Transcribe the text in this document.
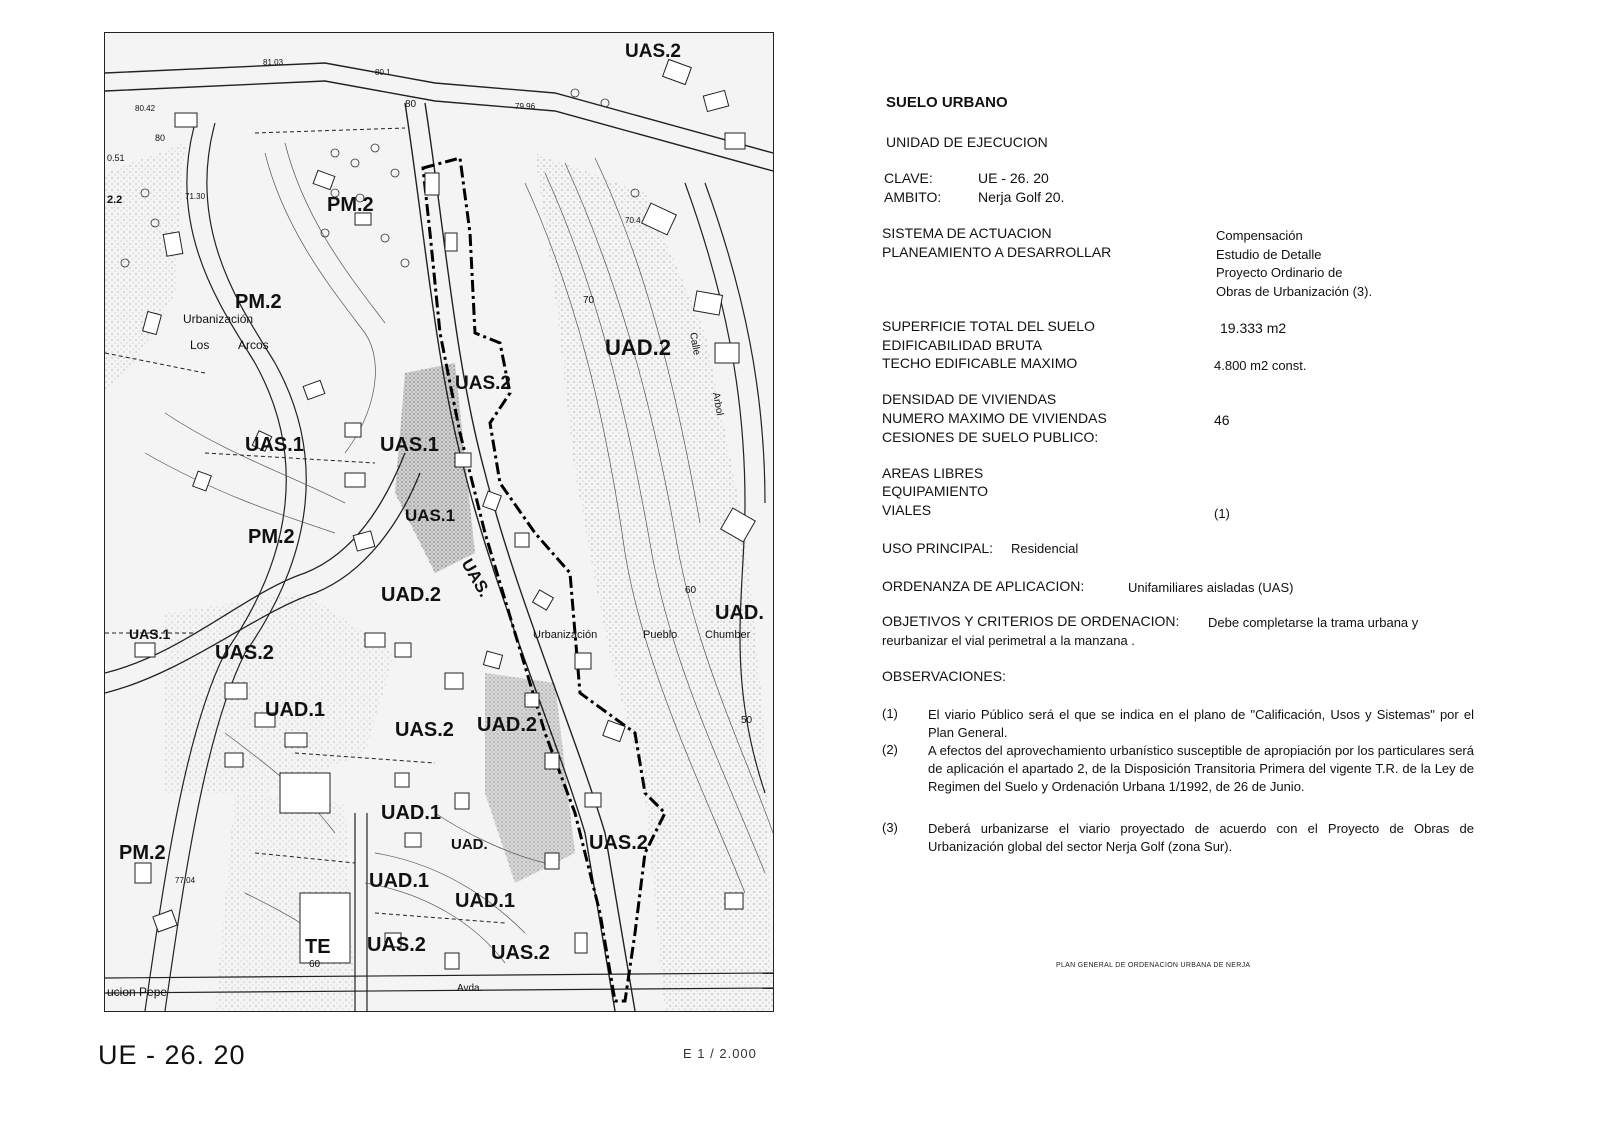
UAS.2
PM.2
PM.2
Urbanización
Los Arcos	UAD.2
UAS.2
UAS.1	UAS.1
UAS.1
UAS.
PM.2
UAD.2
UAD.
UAS.1
UAS.2
Urbanización	Pueblo	Chumber
UAD.1
UAS.2 UAD.2
UAD.1
UAD.	UAS.2
PM.2
UAD.1
UAD.1
TE UAS.2	UAS.2
ucion Pepe	Avda.
Calle
Arbol
81.03
80.1
80.42	79.96
0.51
2.2	71.30
80
70
70.4
60
50
80
60
77.04
UE - 26. 20	E 1 / 2.000
SUELO URBANO
UNIDAD DE EJECUCION
CLAVE:	UE - 26. 20
AMBITO:	Nerja Golf 20.
SISTEMA DE ACTUACION	Compensación
PLANEAMIENTO A DESARROLLAR	Estudio de Detalle
Proyecto Ordinario de
Obras de Urbanización (3).
SUPERFICIE TOTAL DEL SUELO	19.333 m2
EDIFICABILIDAD BRUTA
TECHO EDIFICABLE MAXIMO	4.800 m2 const.
DENSIDAD DE VIVIENDAS
NUMERO MAXIMO DE VIVIENDAS	46
CESIONES DE SUELO PUBLICO:
AREAS LIBRES
EQUIPAMIENTO
VIALES	(1)
USO PRINCIPAL: Residencial
ORDENANZA DE APLICACION:	Unifamiliares aisladas (UAS)
OBJETIVOS Y CRITERIOS DE ORDENACION: Debe completarse la trama urbana y
reurbanizar el vial perimetral a la manzana .
OBSERVACIONES:
(1) El viario Público será el que se indica en el plano de "Calificación, Usos y Sistemas" por el Plan General.
(2) A efectos del aprovechamiento urbanístico susceptible de apropiación por los particulares será de aplicación el apartado 2, de la Disposición Transitoria Primera del vigente T.R. de la Ley de Regimen del Suelo y Ordenación Urbana 1/1992, de 26 de Junio.
(3) Deberá urbanizarse el viario proyectado de acuerdo con el Proyecto de Obras de Urbanización global del sector Nerja Golf (zona Sur).
PLAN GENERAL DE ORDENACION URBANA DE NERJA
